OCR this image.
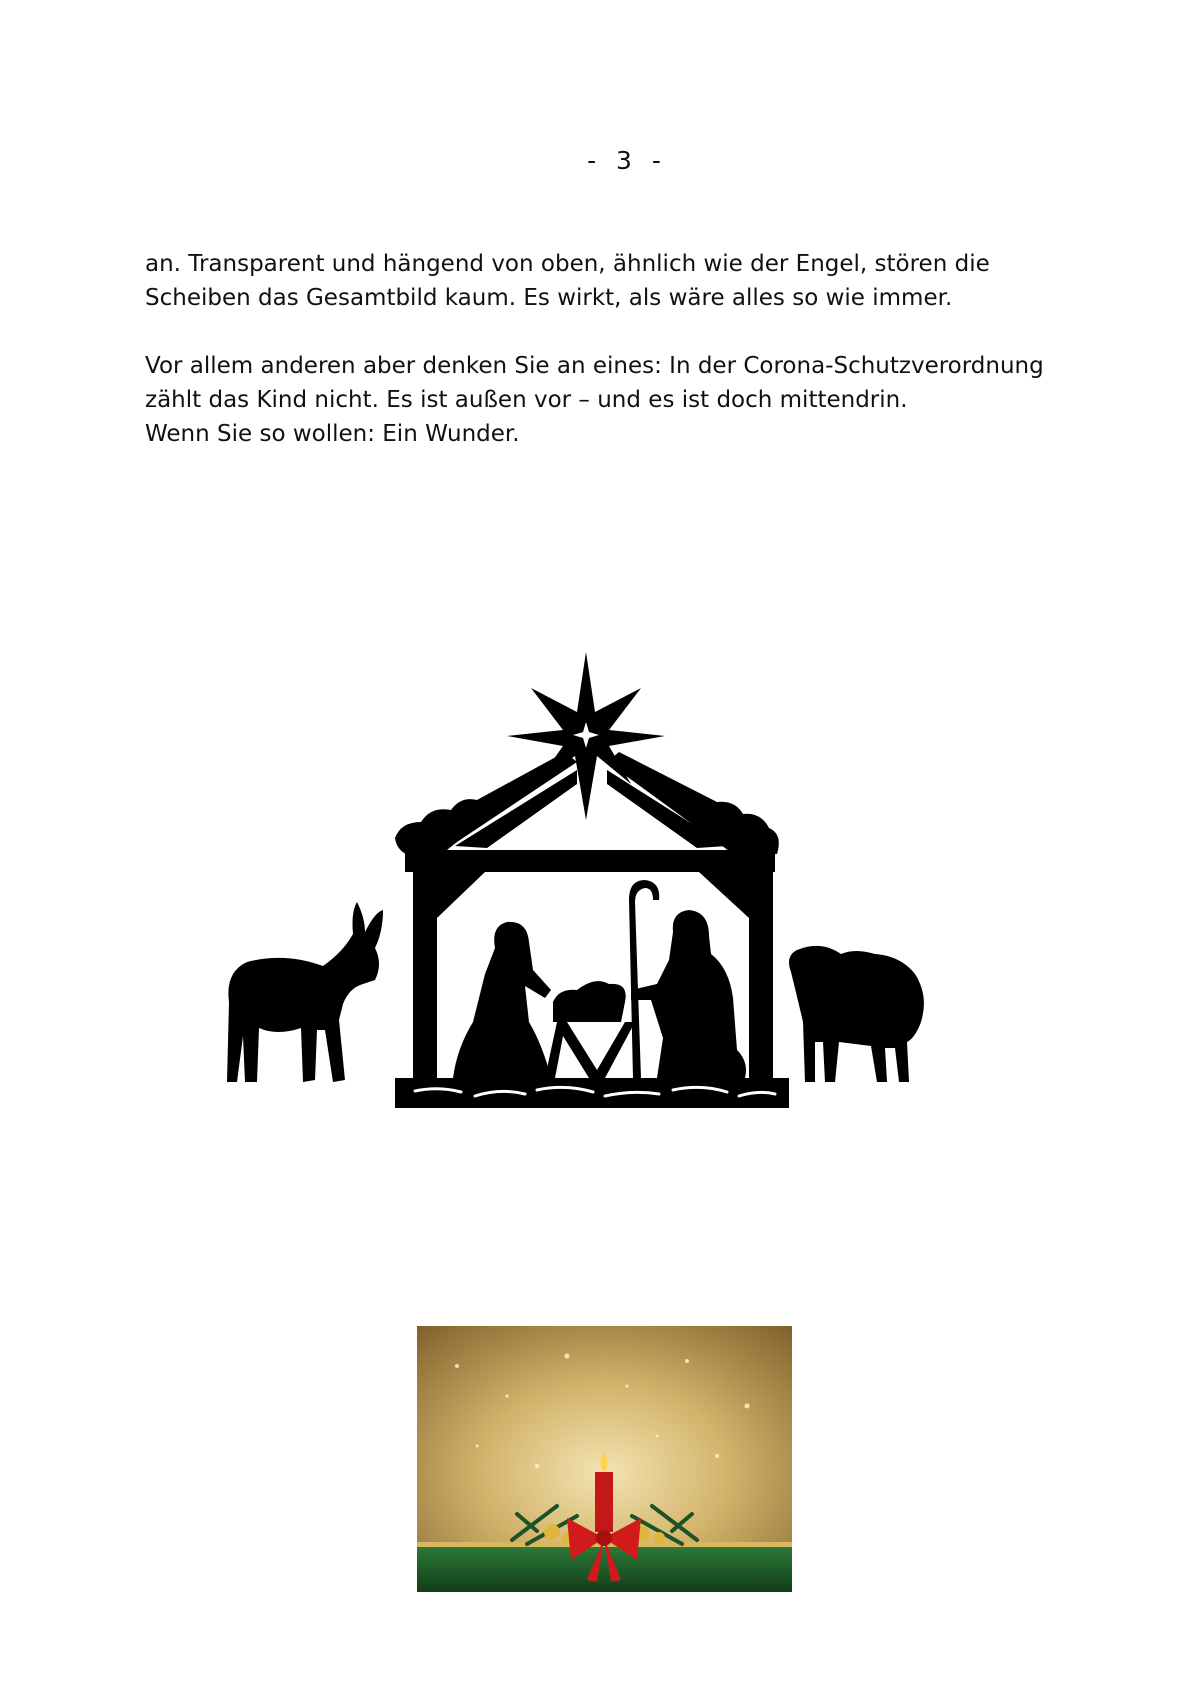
- 3 -

an. Transparent und hängend von oben, ähnlich wie der Engel, stören die
Scheiben das Gesamtbild kaum. Es wirkt, als wäre alles so wie immer.

Vor allem anderen aber denken Sie an eines: In der Corona-Schutzverordnung
zählt das Kind nicht. Es ist außen vor – und es ist doch mittendrin.
Wenn Sie so wollen: Ein Wunder.
